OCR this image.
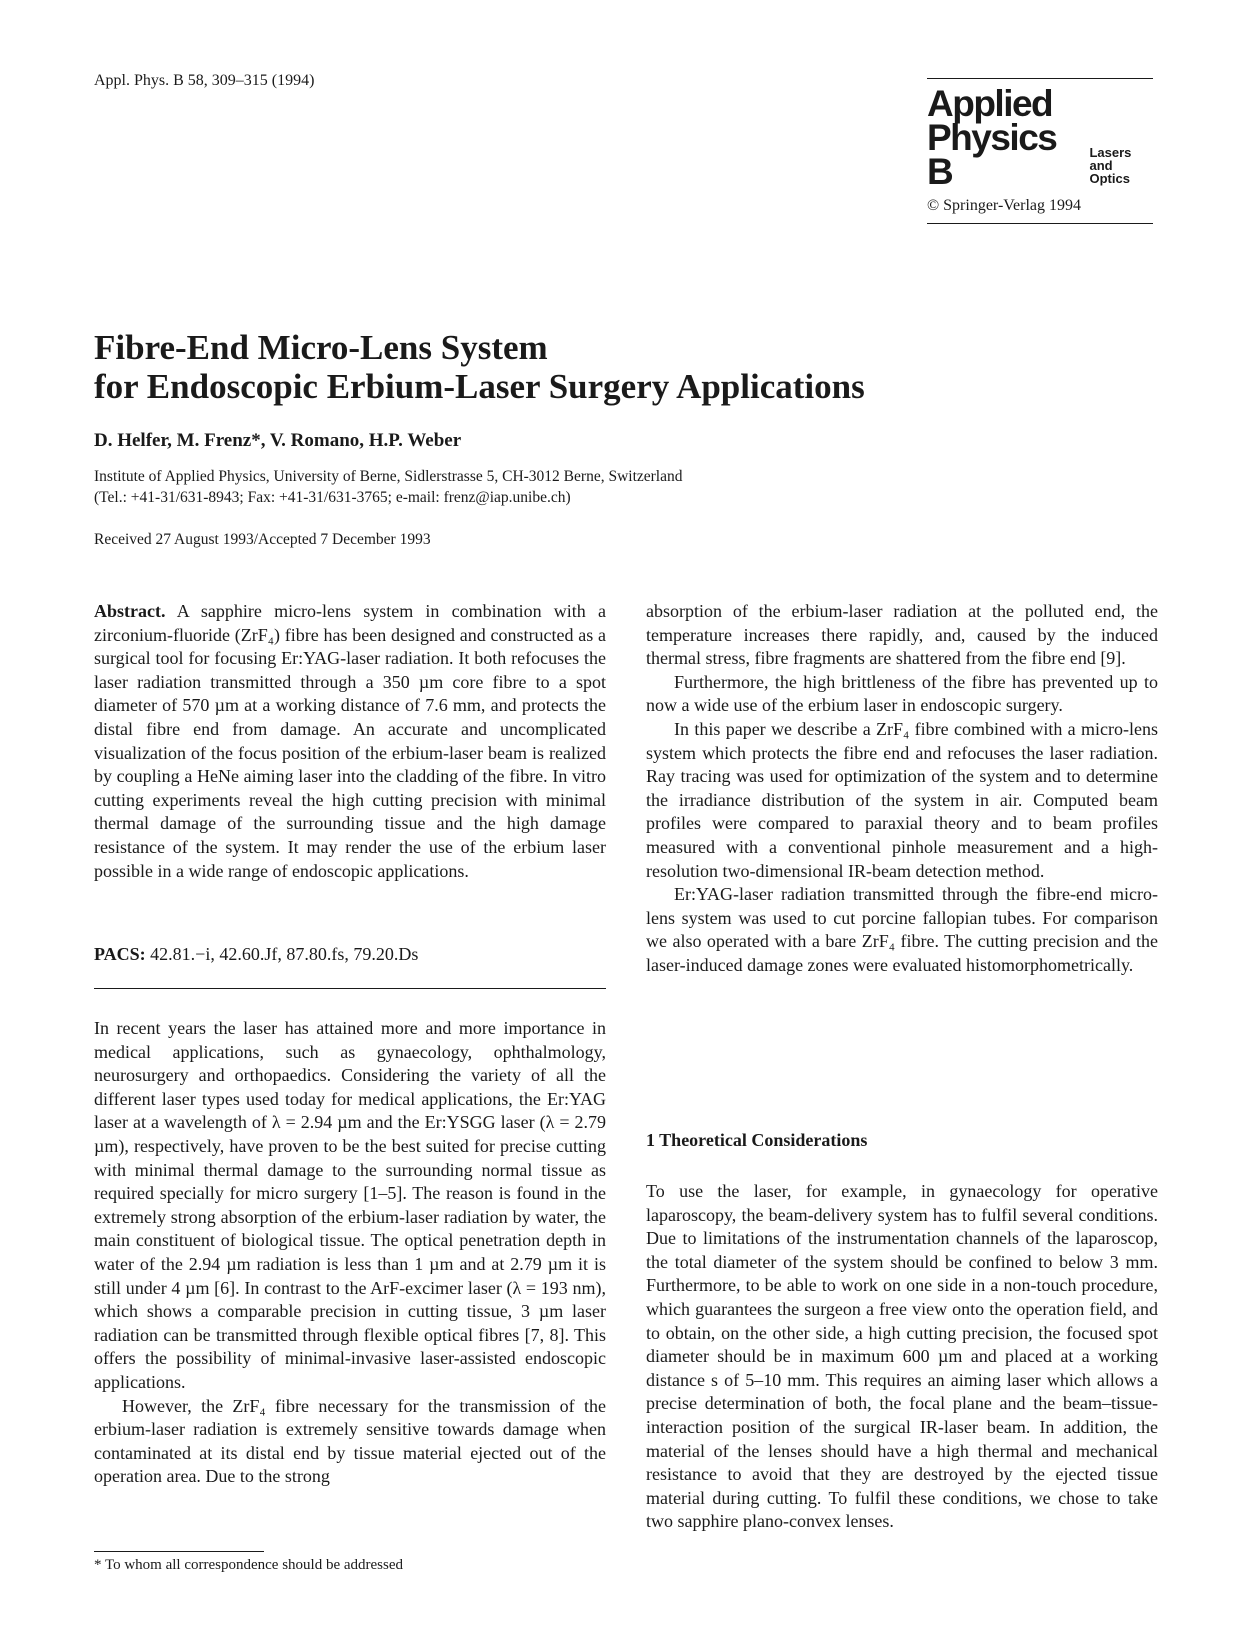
Appl. Phys. B 58, 309–315 (1994)
Applied
Physics B	Lasers
and Optics
© Springer-Verlag 1994
Fibre-End Micro-Lens System
for Endoscopic Erbium-Laser Surgery Applications
D. Helfer, M. Frenz*, V. Romano, H.P. Weber
Institute of Applied Physics, University of Berne, Sidlerstrasse 5, CH-3012 Berne, Switzerland
(Tel.: +41-31/631-8943; Fax: +41-31/631-3765; e-mail: frenz@iap.unibe.ch)
Received 27 August 1993/Accepted 7 December 1993

Abstract. A sapphire micro-lens system in combination with a zirconium-fluoride (ZrF₄) fibre has been designed and constructed as a surgical tool for focusing Er:YAG-laser radiation. It both refocuses the laser radiation transmitted through a 350 µm core fibre to a spot diameter of 570 µm at a working distance of 7.6 mm, and protects the distal fibre end from damage. An accurate and uncomplicated visualization of the focus position of the erbium-laser beam is realized by coupling a HeNe aiming laser into the cladding of the fibre. In vitro cutting experiments reveal the high cutting precision with minimal thermal damage of the surrounding tissue and the high damage resistance of the system. It may render the use of the erbium laser possible in a wide range of endoscopic applications.

PACS: 42.81.−i, 42.60.Jf, 87.80.fs, 79.20.Ds

In recent years the laser has attained more and more importance in medical applications, such as gynaecology, ophthalmology, neurosurgery and orthopaedics. Considering the variety of all the different laser types used today for medical applications, the Er:YAG laser at a wavelength of λ = 2.94 µm and the Er:YSGG laser (λ = 2.79 µm), respectively, have proven to be the best suited for precise cutting with minimal thermal damage to the surrounding normal tissue as required specially for micro surgery [1–5]. The reason is found in the extremely strong absorption of the erbium-laser radiation by water, the main constituent of biological tissue. The optical penetration depth in water of the 2.94 µm radiation is less than 1 µm and at 2.79 µm it is still under 4 µm [6]. In contrast to the ArF-excimer laser (λ = 193 nm), which shows a comparable precision in cutting tissue, 3 µm laser radiation can be transmitted through flexible optical fibres [7, 8]. This offers the possibility of minimal-invasive laser-assisted endoscopic applications.

However, the ZrF₄ fibre necessary for the transmission of the erbium-laser radiation is extremely sensitive towards damage when contaminated at its distal end by tissue material ejected out of the operation area. Due to the strong

absorption of the erbium-laser radiation at the polluted end, the temperature increases there rapidly, and, caused by the induced thermal stress, fibre fragments are shattered from the fibre end [9].

Furthermore, the high brittleness of the fibre has prevented up to now a wide use of the erbium laser in endoscopic surgery.

In this paper we describe a ZrF₄ fibre combined with a micro-lens system which protects the fibre end and refocuses the laser radiation. Ray tracing was used for optimization of the system and to determine the irradiance distribution of the system in air. Computed beam profiles were compared to paraxial theory and to beam profiles measured with a conventional pinhole measurement and a high-resolution two-dimensional IR-beam detection method.

Er:YAG-laser radiation transmitted through the fibre-end micro-lens system was used to cut porcine fallopian tubes. For comparison we also operated with a bare ZrF₄ fibre. The cutting precision and the laser-induced damage zones were evaluated histomorphometrically.

1 Theoretical Considerations

To use the laser, for example, in gynaecology for operative laparoscopy, the beam-delivery system has to fulfil several conditions. Due to limitations of the instrumentation channels of the laparoscop, the total diameter of the system should be confined to below 3 mm. Furthermore, to be able to work on one side in a non-touch procedure, which guarantees the surgeon a free view onto the operation field, and to obtain, on the other side, a high cutting precision, the focused spot diameter should be in maximum 600 µm and placed at a working distance s of 5–10 mm. This requires an aiming laser which allows a precise determination of both, the focal plane and the beam–tissue-interaction position of the surgical IR-laser beam. In addition, the material of the lenses should have a high thermal and mechanical resistance to avoid that they are destroyed by the ejected tissue material during cutting. To fulfil these conditions, we chose to take two sapphire plano-convex lenses.

* To whom all correspondence should be addressed
